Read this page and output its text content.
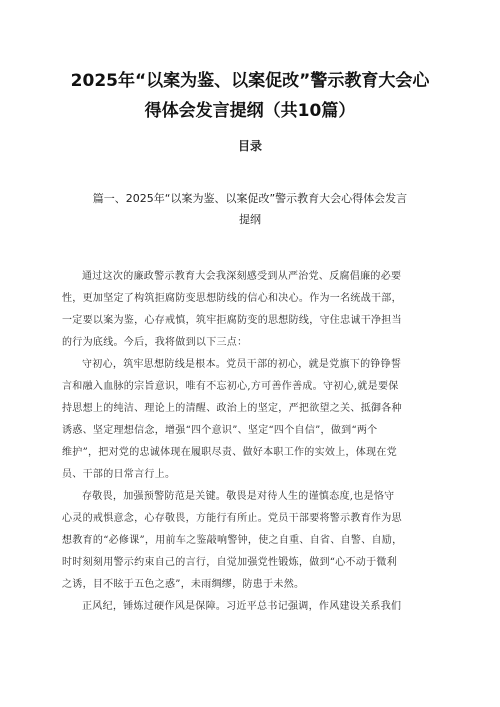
2025年“以案为鉴、以案促改”警示教育大会心
得体会发言提纲（共10篇）
目录
篇一、2025年“以案为鉴、以案促改”警示教育大会心得体会发言
提纲

通过这次的廉政警示教育大会我深刻感受到从严治党、反腐倡廉的必要
性，更加坚定了构筑拒腐防变思想防线的信心和决心。作为一名统战干部，
一定要以案为鉴，心存戒慎，筑牢拒腐防变的思想防线，守住忠诚干净担当
的行为底线。今后，我将做到以下三点：

守初心，筑牢思想防线是根本。党员干部的初心，就是党旗下的铮铮誓
言和融入血脉的宗旨意识，唯有不忘初心,方可善作善成。守初心,就是要保
持思想上的纯洁、理论上的清醒、政治上的坚定，严把欲望之关、抵御各种
诱惑、坚定理想信念，增强“四个意识”、坚定“四个自信”，做到“两个
维护”，把对党的忠诚体现在履职尽责、做好本职工作的实效上，体现在党
员、干部的日常言行上。

存敬畏，加强预警防范是关键。敬畏是对待人生的谨慎态度,也是恪守
心灵的戒惧意念，心存敬畏，方能行有所止。党员干部要将警示教育作为思
想教育的“必修课”，用前车之鉴敲响警钟，使之自重、自省、自警、自励，
时时刻刻用警示约束自己的言行，自觉加强党性锻炼，做到“心不动于微利
之诱，目不眩于五色之惑”，未雨绸缪，防患于未然。

正风纪，锤炼过硬作风是保障。习近平总书记强调，作风建设关系我们
